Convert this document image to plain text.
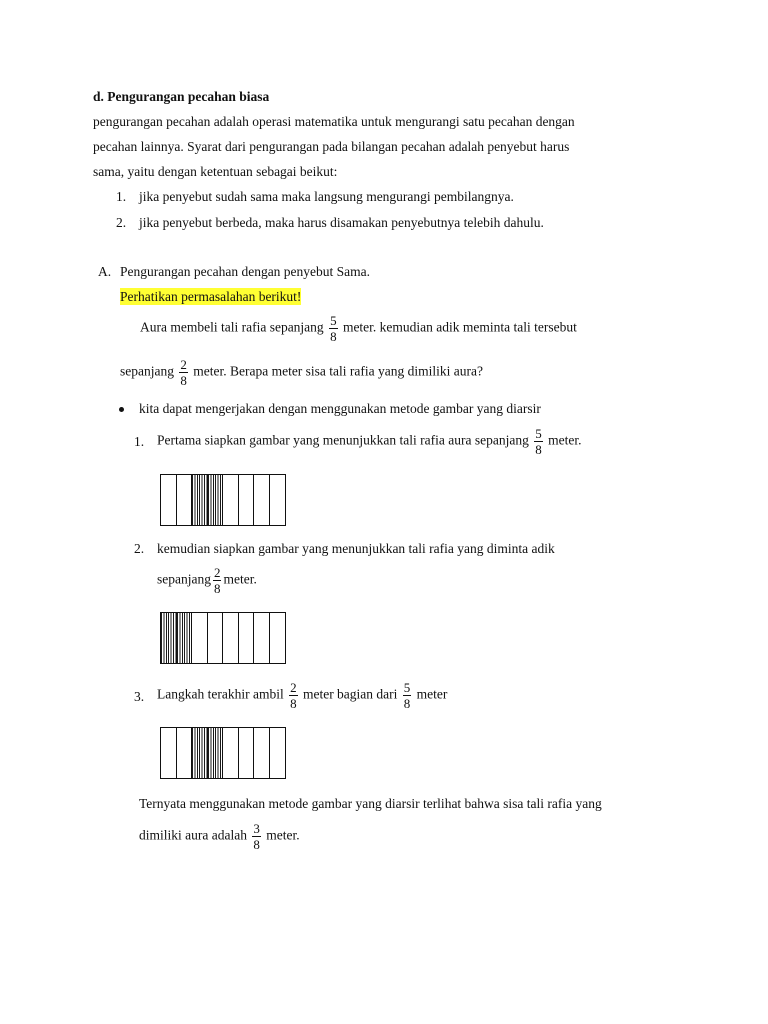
d. Pengurangan pecahan biasa
pengurangan pecahan adalah operasi matematika untuk mengurangi satu pecahan dengan
pecahan lainnya. Syarat dari pengurangan pada bilangan pecahan adalah penyebut harus
sama, yaitu dengan ketentuan sebagai beikut:
1. jika penyebut sudah sama maka langsung mengurangi pembilangnya.
2. jika penyebut berbeda, maka harus disamakan penyebutnya telebih dahulu.
A. Pengurangan pecahan dengan penyebut Sama.
Perhatikan permasalahan berikut!
Aura membeli tali rafia sepanjang $\frac{5}{8}$ meter. kemudian adik meminta tali tersebut
sepanjang $\frac{2}{8}$ meter. Berapa meter sisa tali rafia yang dimiliki aura?
kita dapat mengerjakan dengan menggunakan metode gambar yang diarsir
1. Pertama siapkan gambar yang menunjukkan tali rafia aura sepanjang $\frac{5}{8}$ meter.
2. kemudian siapkan gambar yang menunjukkan tali rafia yang diminta adik
sepanjang $\frac{2}{8}$ meter.
3. Langkah terakhir ambil $\frac{2}{8}$ meter bagian dari $\frac{5}{8}$ meter
Ternyata menggunakan metode gambar yang diarsir terlihat bahwa sisa tali rafia yang
dimiliki aura adalah $\frac{3}{8}$ meter.
